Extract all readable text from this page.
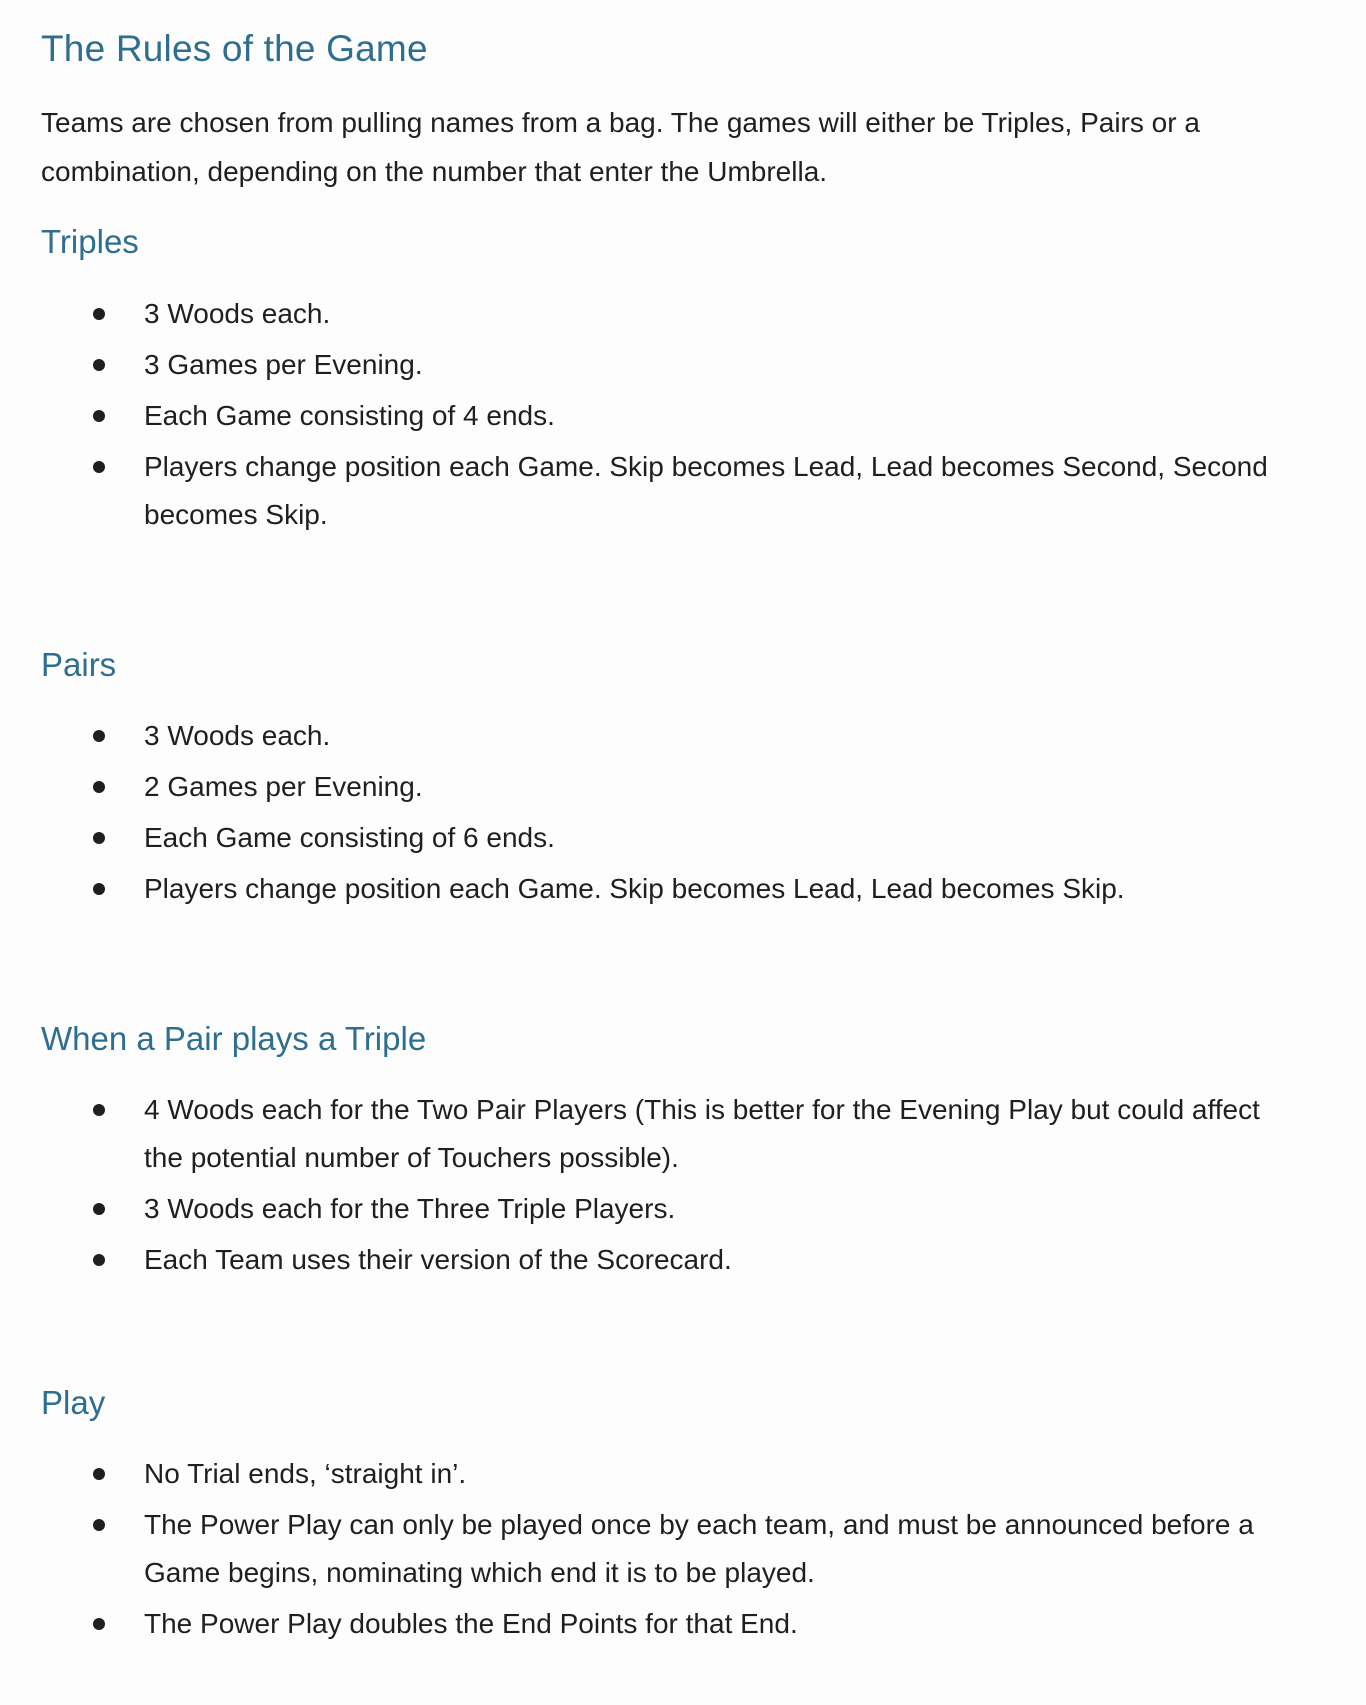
The Rules of the Game

Teams are chosen from pulling names from a bag. The games will either be Triples, Pairs or a combination, depending on the number that enter the Umbrella.

Triples
3 Woods each.
3 Games per Evening.
Each Game consisting of 4 ends.
Players change position each Game. Skip becomes Lead, Lead becomes Second, Second becomes Skip.
Pairs
3 Woods each.
2 Games per Evening.
Each Game consisting of 6 ends.
Players change position each Game. Skip becomes Lead, Lead becomes Skip.
When a Pair plays a Triple
4 Woods each for the Two Pair Players (This is better for the Evening Play but could affect the potential number of Touchers possible).
3 Woods each for the Three Triple Players.
Each Team uses their version of the Scorecard.
Play
No Trial ends, ‘straight in’.
The Power Play can only be played once by each team, and must be announced before a Game begins, nominating which end it is to be played.
The Power Play doubles the End Points for that End.
